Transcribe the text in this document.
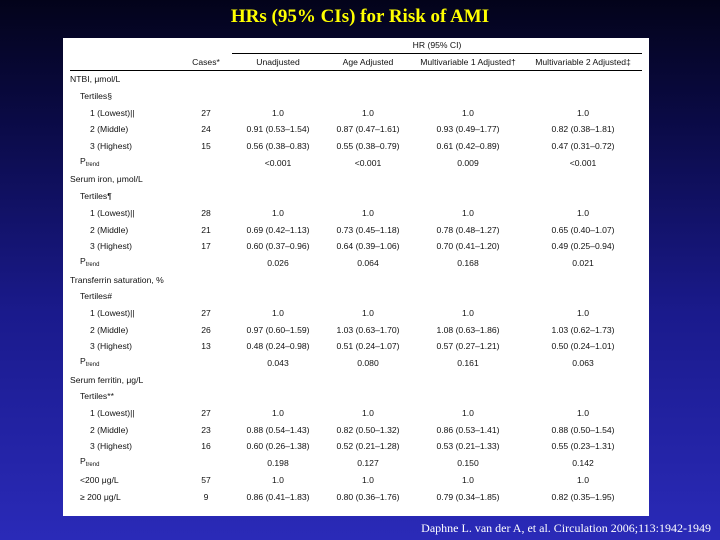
HRs (95% CIs) for Risk of AMI
		HR (95% CI)			
	Cases*	Unadjusted	Age Adjusted	Multivariable 1 Adjusted†	Multivariable 2 Adjusted‡
NTBI, μmol/L					
Tertiles§					
1 (Lowest)||	27	1.0	1.0	1.0	1.0
2 (Middle)	24	0.91 (0.53–1.54)	0.87 (0.47–1.61)	0.93 (0.49–1.77)	0.82 (0.38–1.81)
3 (Highest)	15	0.56 (0.38–0.83)	0.55 (0.38–0.79)	0.61 (0.42–0.89)	0.47 (0.31–0.72)
$P_{trend}$		<0.001	<0.001	0.009	<0.001
Serum iron, μmol/L					
Tertiles¶					
1 (Lowest)||	28	1.0	1.0	1.0	1.0
2 (Middle)	21	0.69 (0.42–1.13)	0.73 (0.45–1.18)	0.78 (0.48–1.27)	0.65 (0.40–1.07)
3 (Highest)	17	0.60 (0.37–0.96)	0.64 (0.39–1.06)	0.70 (0.41–1.20)	0.49 (0.25–0.94)
$P_{trend}$		0.026	0.064	0.168	0.021
Transferrin saturation, %					
Tertiles#					
1 (Lowest)||	27	1.0	1.0	1.0	1.0
2 (Middle)	26	0.97 (0.60–1.59)	1.03 (0.63–1.70)	1.08 (0.63–1.86)	1.03 (0.62–1.73)
3 (Highest)	13	0.48 (0.24–0.98)	0.51 (0.24–1.07)	0.57 (0.27–1.21)	0.50 (0.24–1.01)
$P_{trend}$		0.043	0.080	0.161	0.063
Serum ferritin, μg/L					
Tertiles**					
1 (Lowest)||	27	1.0	1.0	1.0	1.0
2 (Middle)	23	0.88 (0.54–1.43)	0.82 (0.50–1.32)	0.86 (0.53–1.41)	0.88 (0.50–1.54)
3 (Highest)	16	0.60 (0.26–1.38)	0.52 (0.21–1.28)	0.53 (0.21–1.33)	0.55 (0.23–1.31)
$P_{trend}$		0.198	0.127	0.150	0.142
<200 μg/L	57	1.0	1.0	1.0	1.0
≥ 200 μg/L	9	0.86 (0.41–1.83)	0.80 (0.36–1.76)	0.79 (0.34–1.85)	0.82 (0.35–1.95)
Daphne L. van der A, et al. Circulation 2006;113:1942-1949
